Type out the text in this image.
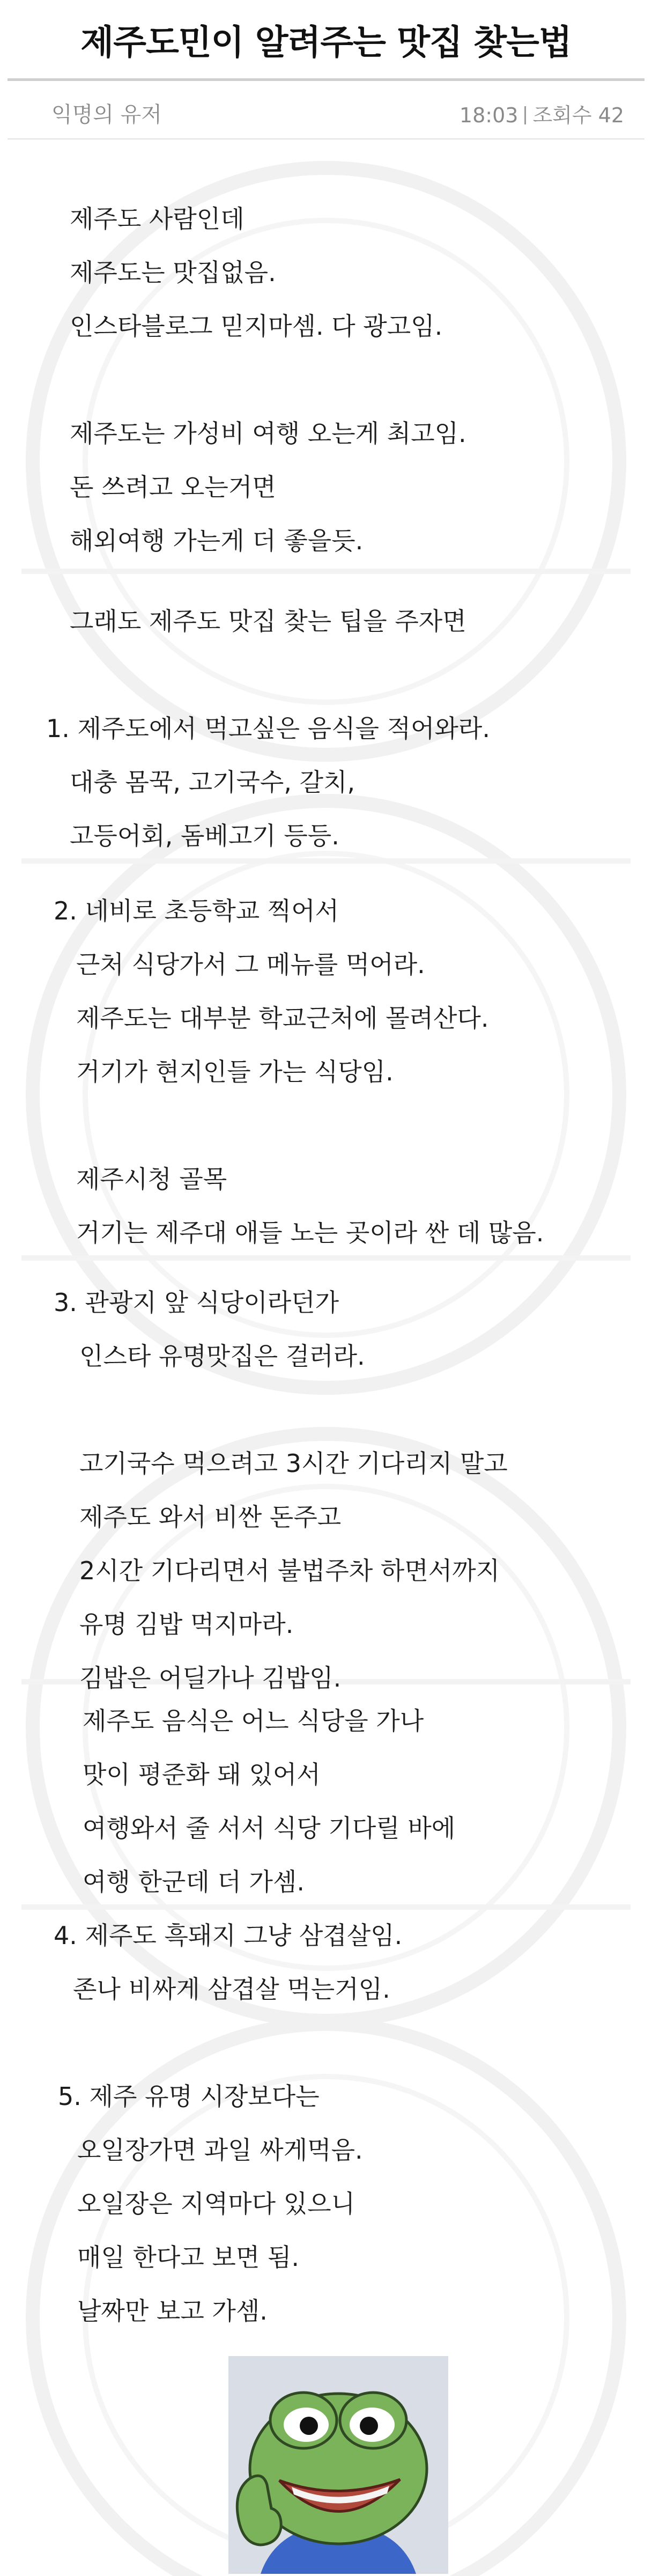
제주도민이 알려주는 맛집 찾는법
익명의 유저	18:03 조회수 42
제주도 사람인데
제주도는 맛집없음.
인스타블로그 믿지마셈. 다 광고임.
제주도는 가성비 여행 오는게 최고임.
돈 쓰려고 오는거면
해외여행 가는게 더 좋을듯.
그래도 제주도 맛집 찾는 팁을 주자면
1. 제주도에서 먹고싶은 음식을 적어와라.
대충 몸꾹, 고기국수, 갈치,
고등어회, 돔베고기 등등.
2. 네비로 초등학교 찍어서
근처 식당가서 그 메뉴를 먹어라.
제주도는 대부분 학교근처에 몰려산다.
거기가 현지인들 가는 식당임.
제주시청 골목
거기는 제주대 애들 노는 곳이라 싼 데 많음.
3. 관광지 앞 식당이라던가
인스타 유명맛집은 걸러라.
고기국수 먹으려고 3시간 기다리지 말고
제주도 와서 비싼 돈주고
2시간 기다리면서 불법주차 하면서까지
유명 김밥 먹지마라.
김밥은 어딜가나 김밥임.
제주도 음식은 어느 식당을 가나
맛이 평준화 돼 있어서
여행와서 줄 서서 식당 기다릴 바에
여행 한군데 더 가셈.
4. 제주도 흑돼지 그냥 삼겹살임.
존나 비싸게 삼겹살 먹는거임.
5. 제주 유명 시장보다는
오일장가면 과일 싸게먹음.
오일장은 지역마다 있으니
매일 한다고 보면 됨.
날짜만 보고 가셈.
